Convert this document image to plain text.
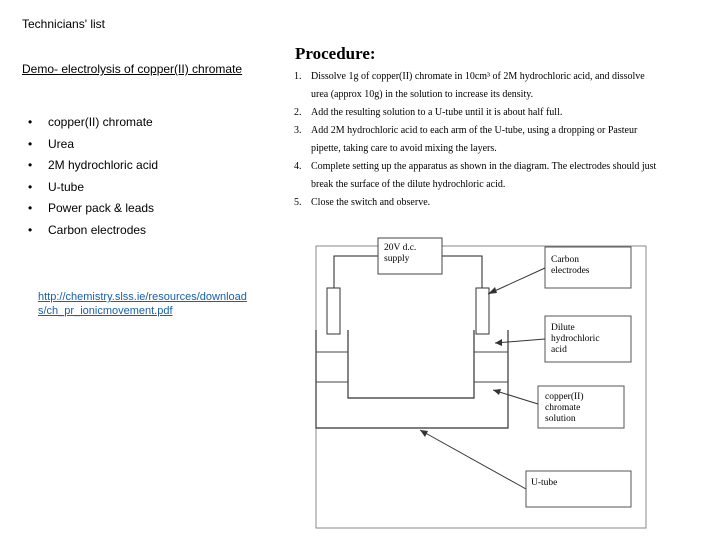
Technicians' list
Demo- electrolysis of copper(II) chromate
•	copper(II) chromate
•	Urea
•	2M hydrochloric acid
•	U-tube
•	Power pack & leads
•	Carbon electrodes
http://chemistry.slss.ie/resources/downloads/ch_pr_ionicmovement.pdf
Procedure:
1. Dissolve 1g of copper(II) chromate in 10cm³ of 2M hydrochloric acid, and dissolve urea (approx 10g) in the solution to increase its density.
2. Add the resulting solution to a U-tube until it is about half full.
3. Add 2M hydrochloric acid to each arm of the U-tube, using a dropping or Pasteur pipette, taking care to avoid mixing the layers.
4. Complete setting up the apparatus as shown in the diagram. The electrodes should just break the surface of the dilute hydrochloric acid.
5. Close the switch and observe.
20V d.c.
supply	Carbon
electrodes
Dilute
hydrochloric
acid
copper(II)
chromate
solution
U-tube
